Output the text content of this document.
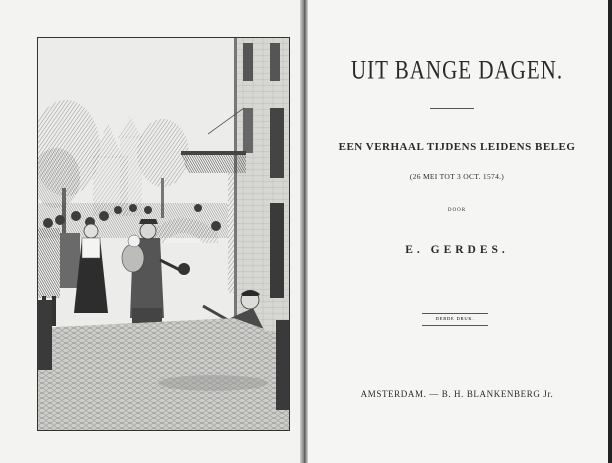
UIT BANGE DAGEN.
EEN VERHAAL TIJDENS LEIDENS BELEG
(26 MEI TOT 3 OCT. 1574.)
DOOR
E. GERDES.
DERDE DRUK.
AMSTERDAM. — B. H. BLANKENBERG Jr.
